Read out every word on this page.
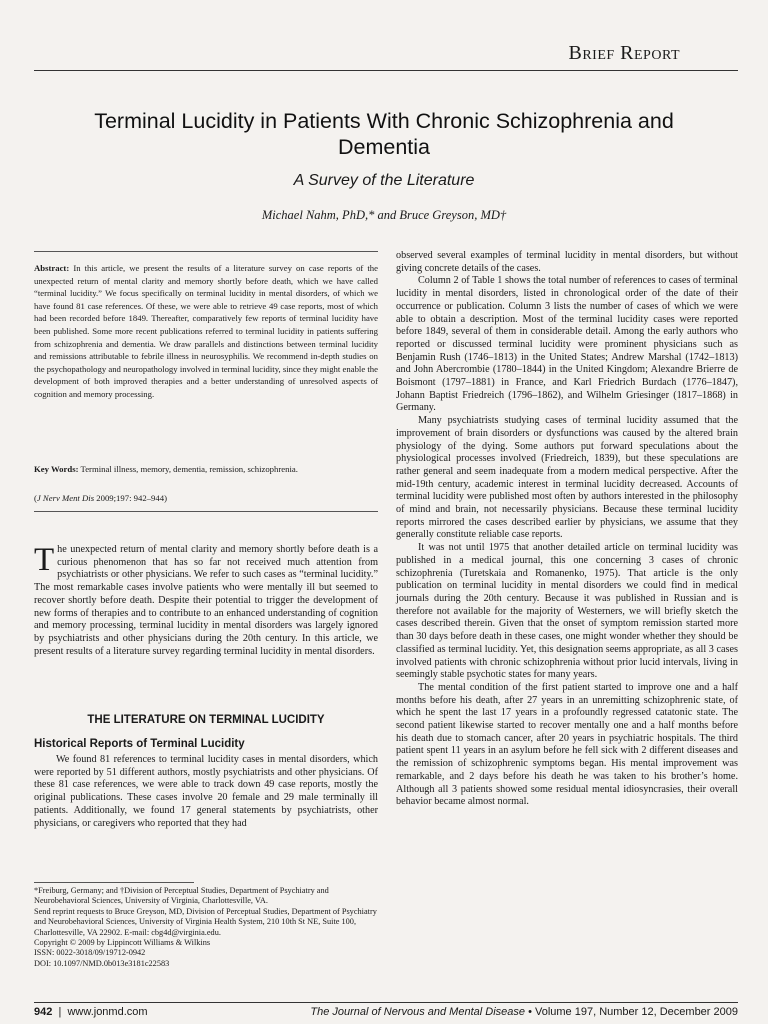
Brief Report
Terminal Lucidity in Patients With Chronic Schizophrenia and Dementia
A Survey of the Literature
Michael Nahm, PhD,* and Bruce Greyson, MD†

Abstract: In this article, we present the results of a literature survey on case reports of the unexpected return of mental clarity and memory shortly before death, which we have called “terminal lucidity.” We focus specifically on terminal lucidity in mental disorders, of which we have found 81 case references. Of these, we were able to retrieve 49 case reports, most of which had been recorded before 1849. Thereafter, comparatively few reports of terminal lucidity have been published. Some more recent publications referred to terminal lucidity in patients suffering from schizophrenia and dementia. We draw parallels and distinctions between terminal lucidity and remissions attributable to febrile illness in neurosyphilis. We recommend in-depth studies on the psychopathology and neuropathology involved in terminal lucidity, since they might enable the development of both improved therapies and a better understanding of unresolved aspects of cognition and memory processing.

Key Words: Terminal illness, memory, dementia, remission, schizophrenia.

(J Nerv Ment Dis 2009;197: 942–944)

The unexpected return of mental clarity and memory shortly before death is a curious phenomenon that has so far not received much attention from psychiatrists or other physicians. We refer to such cases as “terminal lucidity.” The most remarkable cases involve patients who were mentally ill but seemed to recover shortly before death. Despite their potential to trigger the development of new forms of therapies and to contribute to an enhanced understanding of cognition and memory processing, terminal lucidity in mental disorders was largely ignored by psychiatrists and other physicians during the 20th century. In this article, we present results of a literature survey regarding terminal lucidity in mental disorders.

THE LITERATURE ON TERMINAL LUCIDITY
Historical Reports of Terminal Lucidity

We found 81 references to terminal lucidity cases in mental disorders, which were reported by 51 different authors, mostly psychiatrists and other physicians. Of these 81 case references, we were able to track down 49 case reports, mostly the original publications. These cases involve 20 female and 29 male terminally ill patients. Additionally, we found 17 general statements by psychiatrists, other physicians, or caregivers who reported that they had

*Freiburg, Germany; and †Division of Perceptual Studies, Department of Psychiatry and Neurobehavioral Sciences, University of Virginia, Charlottesville, VA.
Send reprint requests to Bruce Greyson, MD, Division of Perceptual Studies, Department of Psychiatry and Neurobehavioral Sciences, University of Virginia Health System, 210 10th St NE, Suite 100, Charlottesville, VA 22902. E-mail: cbg4d@virginia.edu.
Copyright © 2009 by Lippincott Williams & Wilkins
ISSN: 0022-3018/09/19712-0942
DOI: 10.1097/NMD.0b013e3181c22583
observed several examples of terminal lucidity in mental disorders, but without giving concrete details of the cases.
Column 2 of Table 1 shows the total number of references to cases of terminal lucidity in mental disorders, listed in chronological order of the date of their occurrence or publication. Column 3 lists the number of cases of which we were able to obtain a description. Most of the terminal lucidity cases were reported before 1849, several of them in considerable detail. Among the early authors who reported or discussed terminal lucidity were prominent physicians such as Benjamin Rush (1746–1813) in the United States; Andrew Marshal (1742–1813) and John Abercrombie (1780–1844) in the United Kingdom; Alexandre Brierre de Boismont (1797–1881) in France, and Karl Friedrich Burdach (1776–1847), Johann Baptist Friedreich (1796–1862), and Wilhelm Griesinger (1817–1868) in Germany.
Many psychiatrists studying cases of terminal lucidity assumed that the improvement of brain disorders or dysfunctions was caused by the altered brain physiology of the dying. Some authors put forward speculations about the physiological processes involved (Friedreich, 1839), but these speculations are rather general and seem inadequate from a modern medical perspective. After the mid-19th century, academic interest in terminal lucidity decreased. Accounts of terminal lucidity were published most often by authors interested in the philosophy of mind and brain, not necessarily physicians. Because these terminal lucidity reports mirrored the cases described earlier by physicians, we assume that they generally constitute reliable case reports.
It was not until 1975 that another detailed article on terminal lucidity was published in a medical journal, this one concerning 3 cases of chronic schizophrenia (Turetskaia and Romanenko, 1975). That article is the only publication on terminal lucidity in mental disorders we could find in medical journals during the 20th century. Because it was published in Russian and is therefore not available for the majority of Westerners, we will briefly sketch the cases described therein. Given that the onset of symptom remission started more than 30 days before death in these cases, one might wonder whether they should be classified as terminal lucidity. Yet, this designation seems appropriate, as all 3 cases involved patients with chronic schizophrenia without prior lucid intervals, living in seemingly stable psychotic states for many years.
The mental condition of the first patient started to improve one and a half months before his death, after 27 years in an unremitting schizophrenic state, of which he spent the last 17 years in a profoundly regressed catatonic state. The second patient likewise started to recover mentally one and a half months before his death due to stomach cancer, after 20 years in psychiatric hospitals. The third patient spent 11 years in an asylum before he fell sick with 2 different diseases and the remission of schizophrenic symptoms began. His mental improvement was remarkable, and 2 days before his death he was taken to his brother’s home. Although all 3 patients showed some residual mental idiosyncrasies, their overall behavior became almost normal.
942 | www.jonmd.com	The Journal of Nervous and Mental Disease • Volume 197, Number 12, December 2009
